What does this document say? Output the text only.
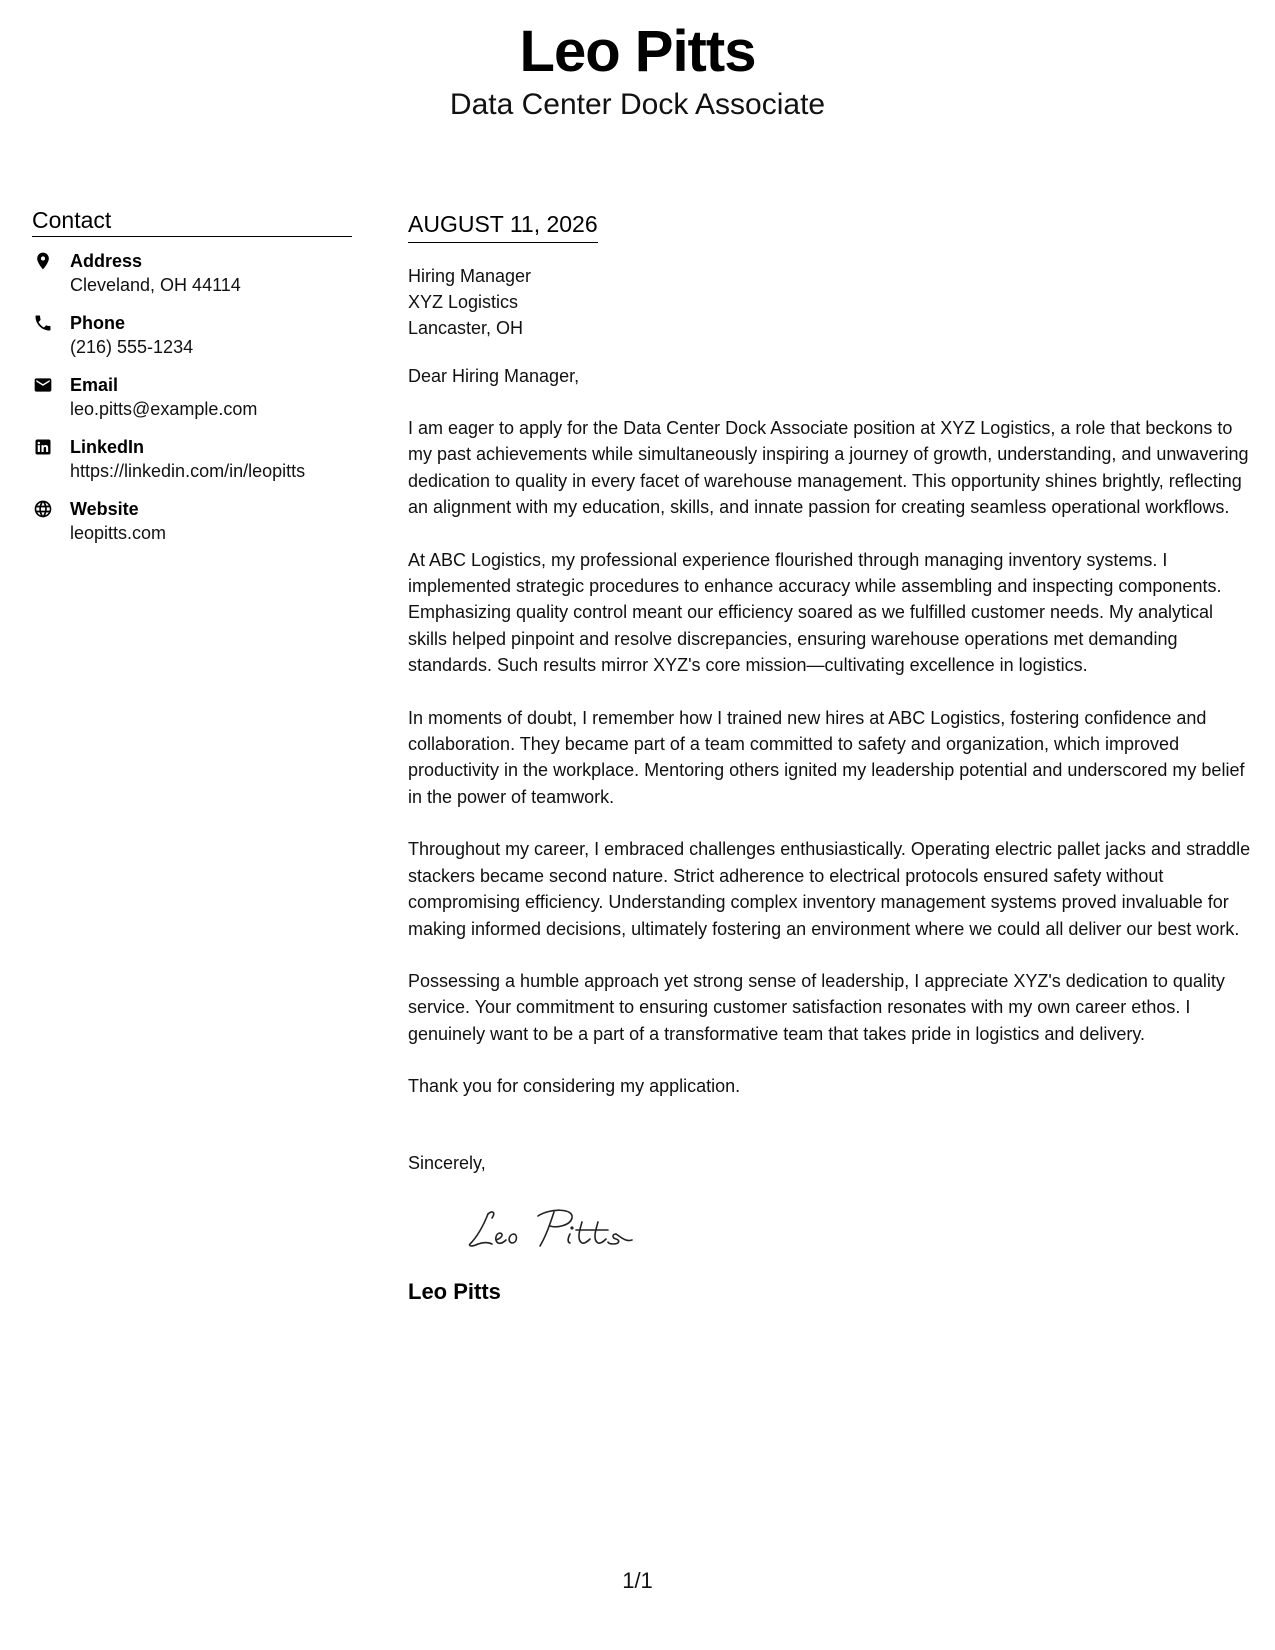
Leo Pitts
Data Center Dock Associate
Contact
Address
Cleveland, OH 44114
Phone
(216) 555-1234
Email
leo.pitts@example.com
LinkedIn
https://linkedin.com/in/leopitts
Website
leopitts.com
AUGUST 11, 2026
Hiring Manager
XYZ Logistics
Lancaster, OH
Dear Hiring Manager,
I am eager to apply for the Data Center Dock Associate position at XYZ Logistics, a role that beckons to my past achievements while simultaneously inspiring a journey of growth, understanding, and unwavering dedication to quality in every facet of warehouse management. This opportunity shines brightly, reflecting an alignment with my education, skills, and innate passion for creating seamless operational workflows.
At ABC Logistics, my professional experience flourished through managing inventory systems. I implemented strategic procedures to enhance accuracy while assembling and inspecting components. Emphasizing quality control meant our efficiency soared as we fulfilled customer needs. My analytical skills helped pinpoint and resolve discrepancies, ensuring warehouse operations met demanding standards. Such results mirror XYZ's core mission—cultivating excellence in logistics.
In moments of doubt, I remember how I trained new hires at ABC Logistics, fostering confidence and collaboration. They became part of a team committed to safety and organization, which improved productivity in the workplace. Mentoring others ignited my leadership potential and underscored my belief in the power of teamwork.
Throughout my career, I embraced challenges enthusiastically. Operating electric pallet jacks and straddle stackers became second nature. Strict adherence to electrical protocols ensured safety without compromising efficiency. Understanding complex inventory management systems proved invaluable for making informed decisions, ultimately fostering an environment where we could all deliver our best work.
Possessing a humble approach yet strong sense of leadership, I appreciate XYZ's dedication to quality service. Your commitment to ensuring customer satisfaction resonates with my own career ethos. I genuinely want to be a part of a transformative team that takes pride in logistics and delivery.
Thank you for considering my application.
Sincerely,
Leo Pitts
1/1
